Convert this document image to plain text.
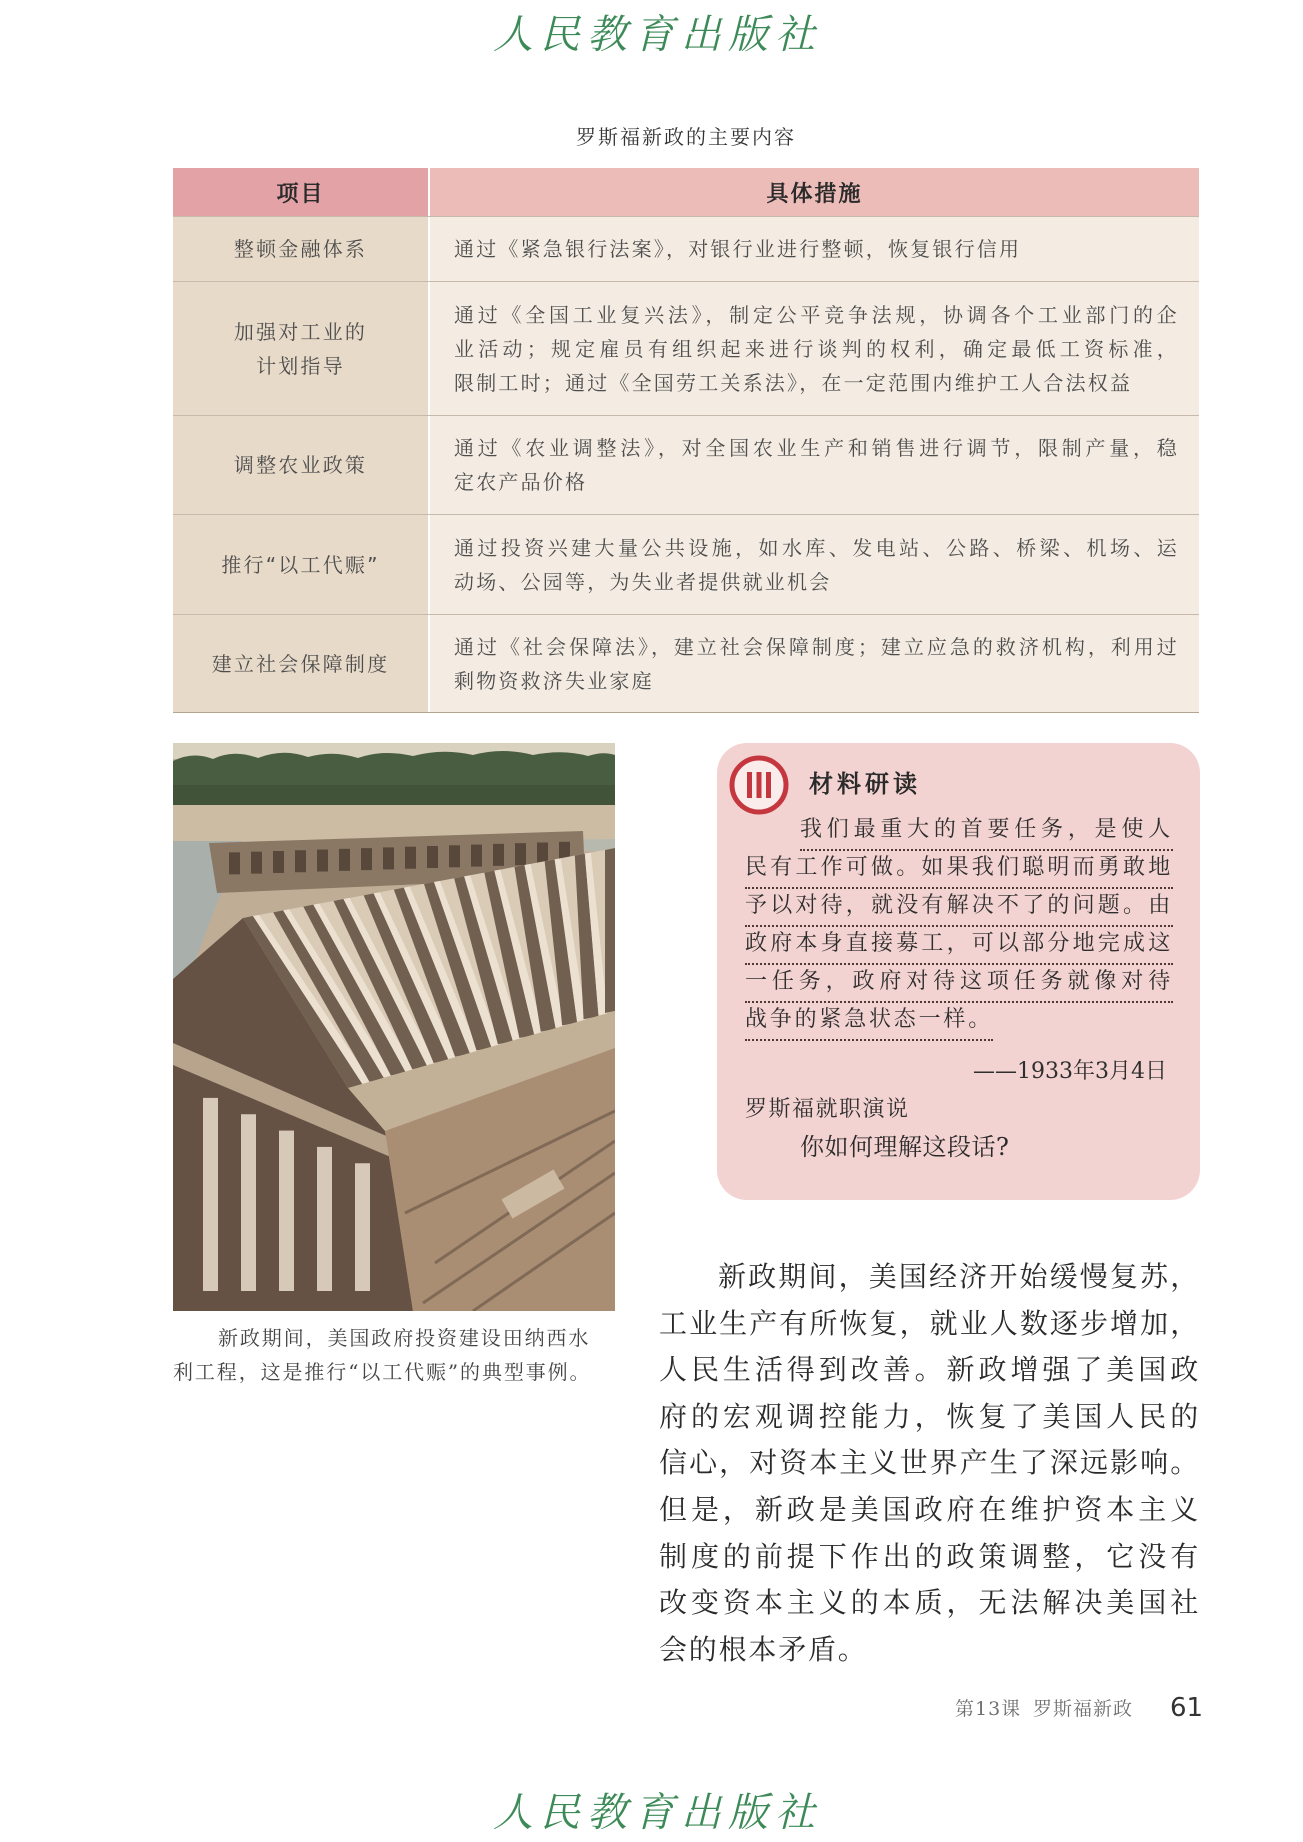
人民教育出版社
罗斯福新政的主要内容
项目	具体措施
整顿金融体系	通过《紧急银行法案》，对银行业进行整顿，恢复银行信用
加强对工业的
计划指导
通过《全国工业复兴法》，制定公平竞争法规，协调各个工业部门的企
业活动；规定雇员有组织起来进行谈判的权利，确定最低工资标准，
限制工时；通过《全国劳工关系法》，在一定范围内维护工人合法权益
调整农业政策
通过《农业调整法》，对全国农业生产和销售进行调节，限制产量，稳
定农产品价格
推行“以工代赈”
通过投资兴建大量公共设施，如水库、发电站、公路、桥梁、机场、运
动场、公园等，为失业者提供就业机会
建立社会保障制度
通过《社会保障法》，建立社会保障制度；建立应急的救济机构，利用过
剩物资救济失业家庭
新政期间，美国政府投资建设田纳西水
利工程，这是推行“以工代赈”的典型事例。
材料研读
我们最重大的首要任务，是使人
民有工作可做。如果我们聪明而勇敢地
予以对待，就没有解决不了的问题。由
政府本身直接募工，可以部分地完成这
一任务，政府对待这项任务就像对待
战争的紧急状态一样。
——1933年3月4日
罗斯福就职演说
你如何理解这段话?
新政期间，美国经济开始缓慢复苏，
工业生产有所恢复，就业人数逐步增加，
人民生活得到改善。新政增强了美国政
府的宏观调控能力，恢复了美国人民的
信心，对资本主义世界产生了深远影响。
但是，新政是美国政府在维护资本主义
制度的前提下作出的政策调整，它没有
改变资本主义的本质，无法解决美国社
会的根本矛盾。
第13课 罗斯福新政 61
人民教育出版社
